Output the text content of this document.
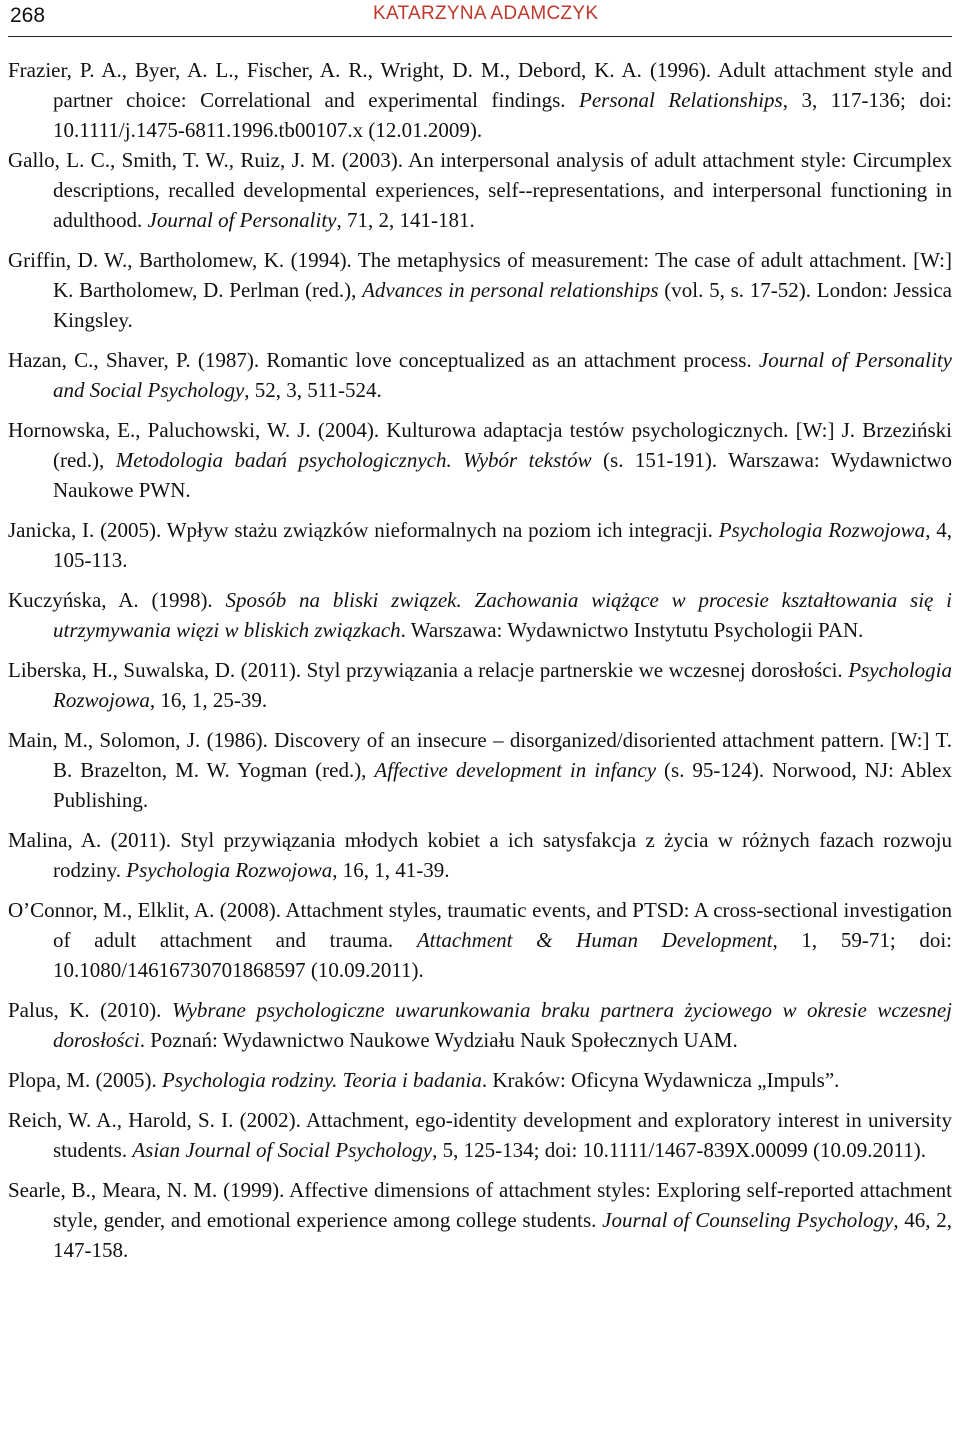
268	KATARZYNA ADAMCZYK

Frazier, P. A., Byer, A. L., Fischer, A. R., Wright, D. M., Debord, K. A. (1996). Adult attachment style and partner choice: Correlational and experimental findings. Personal Relationships, 3, 117-136; doi: 10.1111/j.1475-6811.1996.tb00107.x (12.01.2009).

Gallo, L. C., Smith, T. W., Ruiz, J. M. (2003). An interpersonal analysis of adult attachment style: Circumplex descriptions, recalled developmental experiences, self--representations, and interpersonal functioning in adulthood. Journal of Personality, 71, 2, 141-181.

Griffin, D. W., Bartholomew, K. (1994). The metaphysics of measurement: The case of adult attachment. [W:] K. Bartholomew, D. Perlman (red.), Advances in personal relationships (vol. 5, s. 17-52). London: Jessica Kingsley.

Hazan, C., Shaver, P. (1987). Romantic love conceptualized as an attachment process. Journal of Personality and Social Psychology, 52, 3, 511-524.

Hornowska, E., Paluchowski, W. J. (2004). Kulturowa adaptacja testów psychologicznych. [W:] J. Brzeziński (red.), Metodologia badań psychologicznych. Wybór tekstów (s. 151-191). Warszawa: Wydawnictwo Naukowe PWN.

Janicka, I. (2005). Wpływ stażu związków nieformalnych na poziom ich integracji. Psychologia Rozwojowa, 4, 105-113.

Kuczyńska, A. (1998). Sposób na bliski związek. Zachowania wiążące w procesie kształtowania się i utrzymywania więzi w bliskich związkach. Warszawa: Wydawnictwo Instytutu Psychologii PAN.

Liberska, H., Suwalska, D. (2011). Styl przywiązania a relacje partnerskie we wczesnej dorosłości. Psychologia Rozwojowa, 16, 1, 25-39.

Main, M., Solomon, J. (1986). Discovery of an insecure – disorganized/disoriented attachment pattern. [W:] T. B. Brazelton, M. W. Yogman (red.), Affective development in infancy (s. 95-124). Norwood, NJ: Ablex Publishing.

Malina, A. (2011). Styl przywiązania młodych kobiet a ich satysfakcja z życia w różnych fazach rozwoju rodziny. Psychologia Rozwojowa, 16, 1, 41-39.

O’Connor, M., Elklit, A. (2008). Attachment styles, traumatic events, and PTSD: A cross-sectional investigation of adult attachment and trauma. Attachment & Human Development, 1, 59-71; doi: 10.1080/14616730701868597 (10.09.2011).

Palus, K. (2010). Wybrane psychologiczne uwarunkowania braku partnera życiowego w okresie wczesnej dorosłości. Poznań: Wydawnictwo Naukowe Wydziału Nauk Społecznych UAM.

Plopa, M. (2005). Psychologia rodziny. Teoria i badania. Kraków: Oficyna Wydawnicza „Impuls”.

Reich, W. A., Harold, S. I. (2002). Attachment, ego-identity development and exploratory interest in university students. Asian Journal of Social Psychology, 5, 125-134; doi: 10.1111/1467-839X.00099 (10.09.2011).

Searle, B., Meara, N. M. (1999). Affective dimensions of attachment styles: Exploring self-reported attachment style, gender, and emotional experience among college students. Journal of Counseling Psychology, 46, 2, 147-158.
